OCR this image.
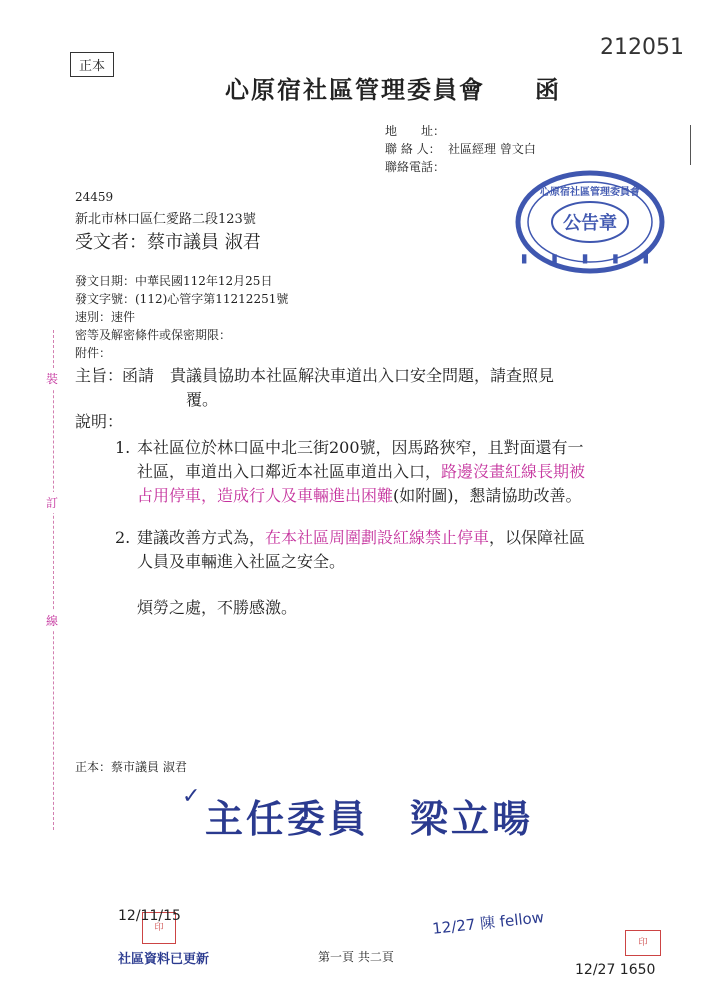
正本
212051
心原宿社區管理委員會 函
地　　址：
聯 絡 人： 社區經理 曾文白
聯絡電話：
公告章
心原宿社區管理委員會
▮ ▮ ▮ ▮ ▮
24459
新北市林口區仁愛路二段123號
受文者：蔡市議員 淑君
發文日期：中華民國112年12月25日
發文字號：(112)心管字第11212251號
速別：速件
密等及解密條件或保密期限：
附件：
裝
訂
線
主旨：
函請　貴議員協助本社區解決車道出入口安全問題，請查照見
覆。
說明：
1. 本社區位於林口區中北三街200號，因馬路狹窄，且對面還有一
社區，車道出入口鄰近本社區車道出入口，路邊沒畫紅線長期被
占用停車，造成行人及車輛進出困難(如附圖)，懇請協助改善。
2. 建議改善方式為，在本社區周圍劃設紅線禁止停車，以保障社區
人員及車輛進入社區之安全。
煩勞之處，不勝感激。
正本：蔡市議員 淑君
✓
主任委員　梁立暘
印
12/11/15
社區資料已更新	第一頁 共二頁
12/27 陳 fellow
印
12/27 1650
